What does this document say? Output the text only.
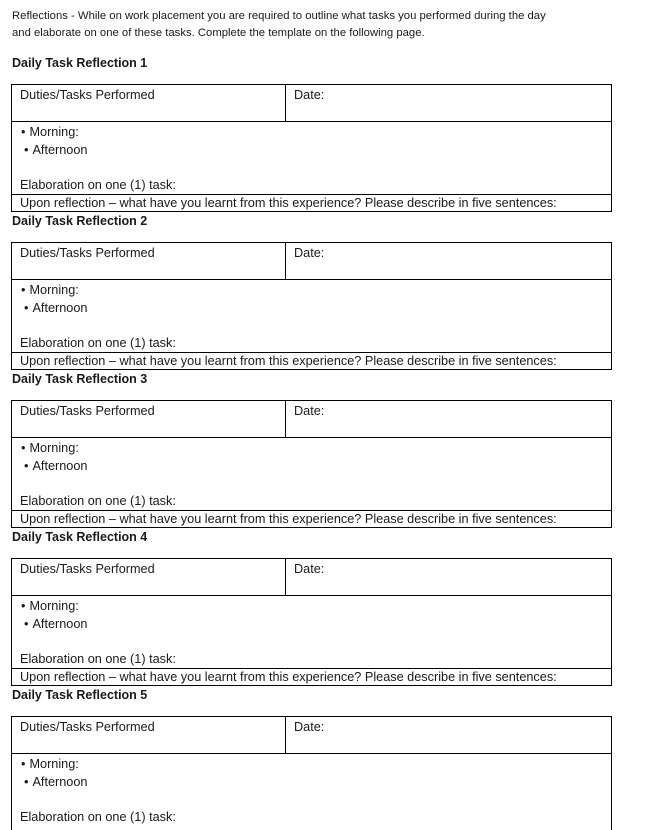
Reflections - While on work placement you are required to outline what tasks you performed during the day

and elaborate on one of these tasks. Complete the template on the following page.

Daily Task Reflection 1
Duties/Tasks Performed	Date:
• Morning:
• Afternoon
Elaboration on one (1) task:
Upon reflection – what have you learnt from this experience? Please describe in five sentences:
Daily Task Reflection 2
Duties/Tasks Performed	Date:
• Morning:
• Afternoon
Elaboration on one (1) task:
Upon reflection – what have you learnt from this experience? Please describe in five sentences:
Daily Task Reflection 3
Duties/Tasks Performed	Date:
• Morning:
• Afternoon
Elaboration on one (1) task:
Upon reflection – what have you learnt from this experience? Please describe in five sentences:
Daily Task Reflection 4
Duties/Tasks Performed	Date:
• Morning:
• Afternoon
Elaboration on one (1) task:
Upon reflection – what have you learnt from this experience? Please describe in five sentences:
Daily Task Reflection 5
Duties/Tasks Performed	Date:
• Morning:
• Afternoon
Elaboration on one (1) task:
